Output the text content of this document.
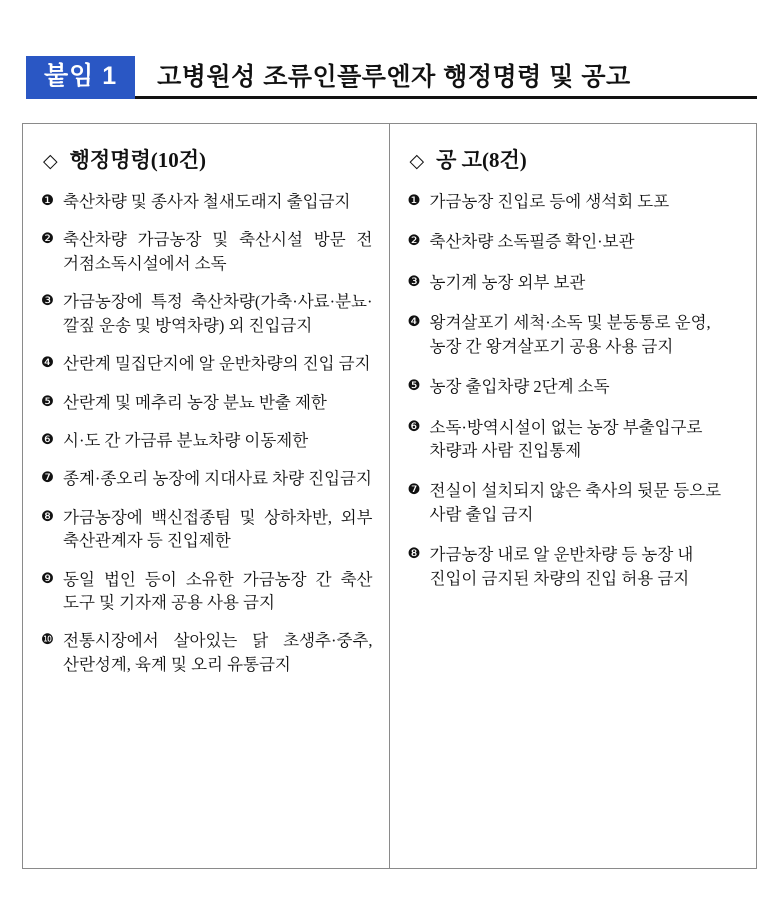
붙임 1	고병원성 조류인플루엔자 행정명령 및 공고
◇ 행정명령(10건)
❶ 축산차량 및 종사자 철새도래지 출입금지
❷ 축산차량 가금농장 및 축산시설 방문 전 거점소독시설에서 소독
❸ 가금농장에 특정 축산차량(가축·사료·분뇨·깔짚 운송 및 방역차량) 외 진입금지
❹ 산란계 밀집단지에 알 운반차량의 진입 금지
❺ 산란계 및 메추리 농장 분뇨 반출 제한
❻ 시·도 간 가금류 분뇨차량 이동제한
❼ 종계·종오리 농장에 지대사료 차량 진입금지
❽ 가금농장에 백신접종팀 및 상하차반, 외부 축산관계자 등 진입제한
❾ 동일 법인 등이 소유한 가금농장 간 축산 도구 및 기자재 공용 사용 금지
❿ 전통시장에서 살아있는 닭 초생추·중추, 산란성계, 육계 및 오리 유통금지
◇ 공 고(8건)
❶ 가금농장 진입로 등에 생석회 도포
❷ 축산차량 소독필증 확인·보관
❸ 농기계 농장 외부 보관
❹ 왕겨살포기 세척·소독 및 분동통로 운영, 농장 간 왕겨살포기 공용 사용 금지
❺ 농장 출입차량 2단계 소독
❻ 소독·방역시설이 없는 농장 부출입구로 차량과 사람 진입통제
❼ 전실이 설치되지 않은 축사의 뒷문 등으로 사람 출입 금지
❽ 가금농장 내로 알 운반차량 등 농장 내 진입이 금지된 차량의 진입 허용 금지
